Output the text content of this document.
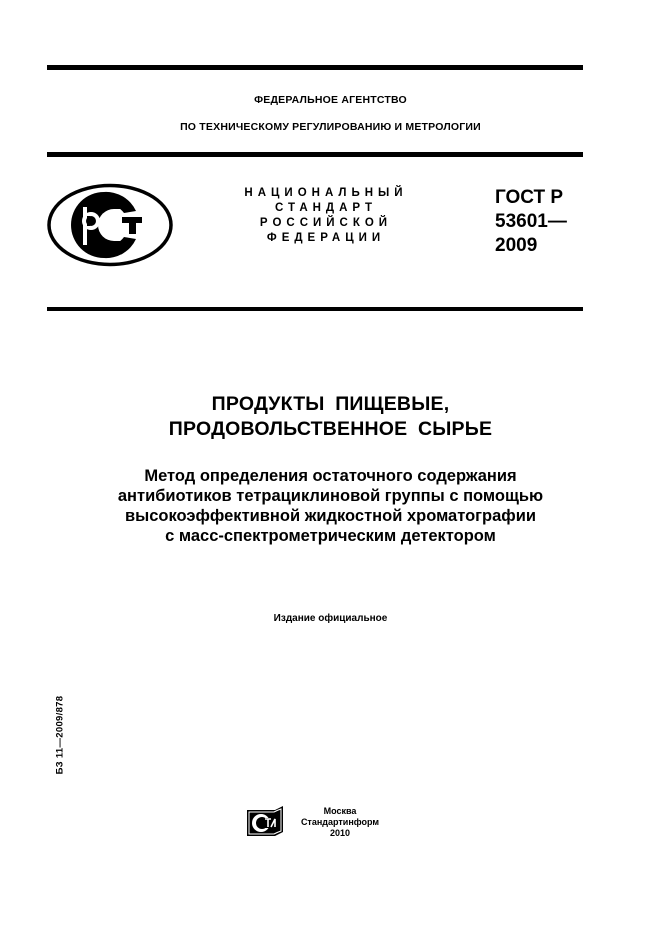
ФЕДЕРАЛЬНОЕ АГЕНТСТВО
ПО ТЕХНИЧЕСКОМУ РЕГУЛИРОВАНИЮ И МЕТРОЛОГИИ
НАЦИОНАЛЬНЫЙ
СТАНДАРТ
РОССИЙСКОЙ
ФЕДЕРАЦИИ
ГОСТ Р
53601—
2009
ПРОДУКТЫ ПИЩЕВЫЕ,
ПРОДОВОЛЬСТВЕННОЕ СЫРЬЕ
Метод определения остаточного содержания
антибиотиков тетрациклиновой группы с помощью
высокоэффективной жидкостной хроматографии
с масс-спектрометрическим детектором
Издание официальное
БЗ 11—2009/878
Москва
Стандартинформ
2010
